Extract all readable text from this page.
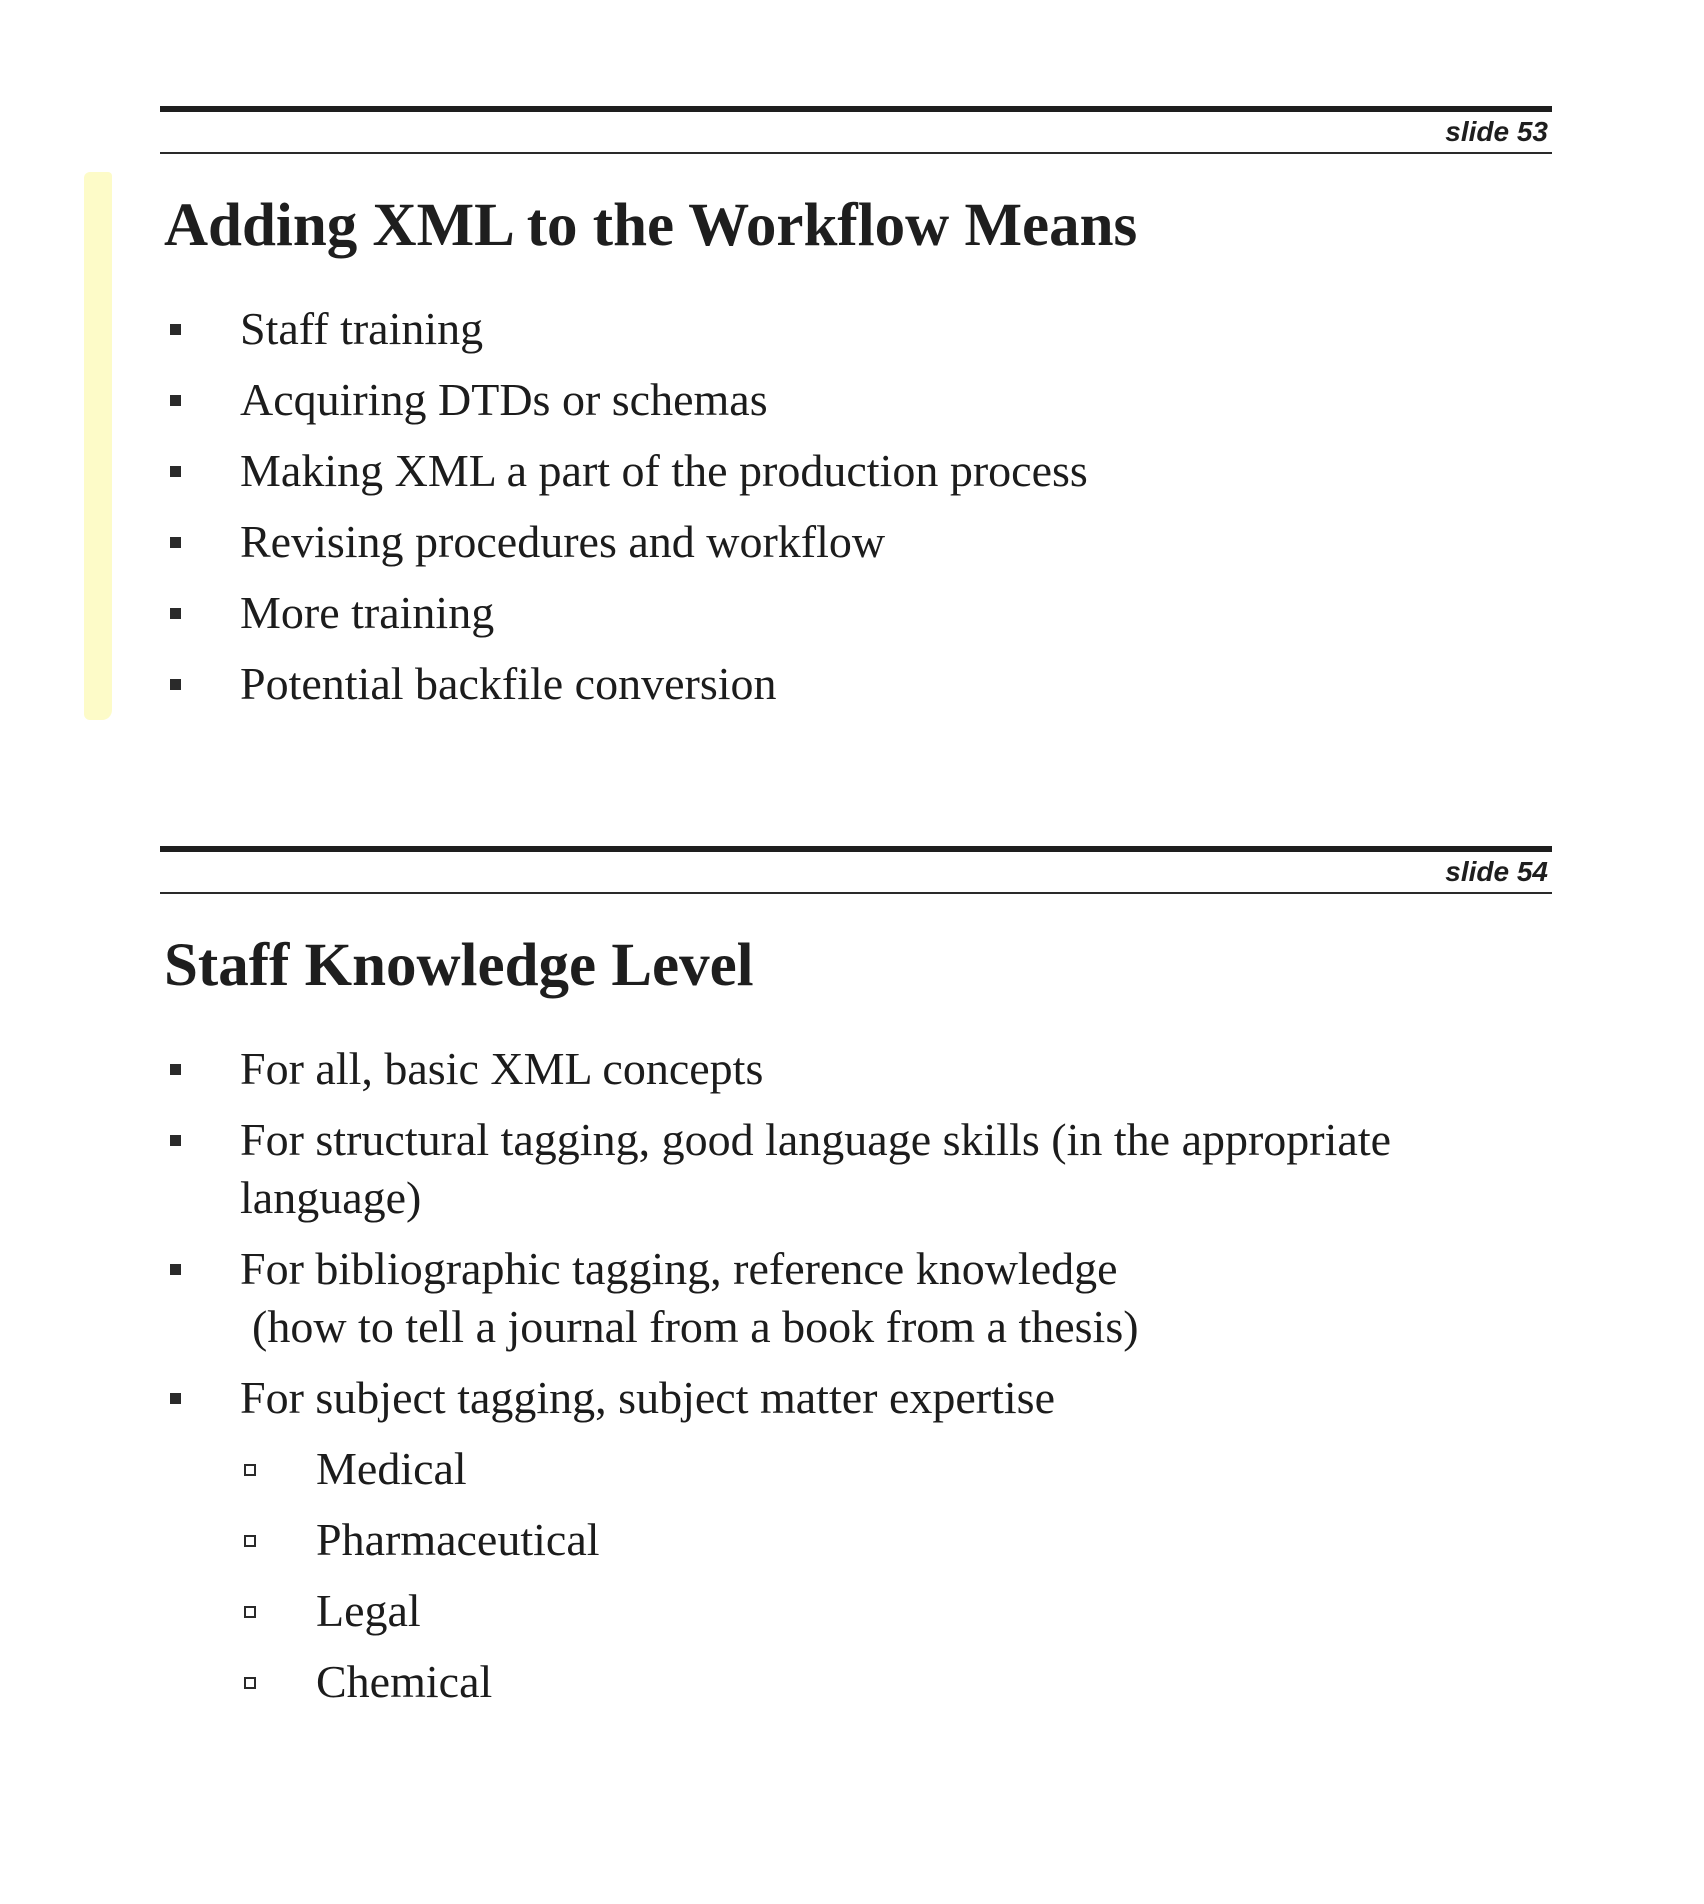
slide 53
Adding XML to the Workflow Means
Staff training
Acquiring DTDs or schemas
Making XML a part of the production process
Revising procedures and workflow
More training
Potential backfile conversion
slide 54
Staff Knowledge Level
For all, basic XML concepts
For structural tagging, good language skills (in the appropriate
language)
For bibliographic tagging, reference knowledge
(how to tell a journal from a book from a thesis)
For subject tagging, subject matter expertise
Medical
Pharmaceutical
Legal
Chemical
